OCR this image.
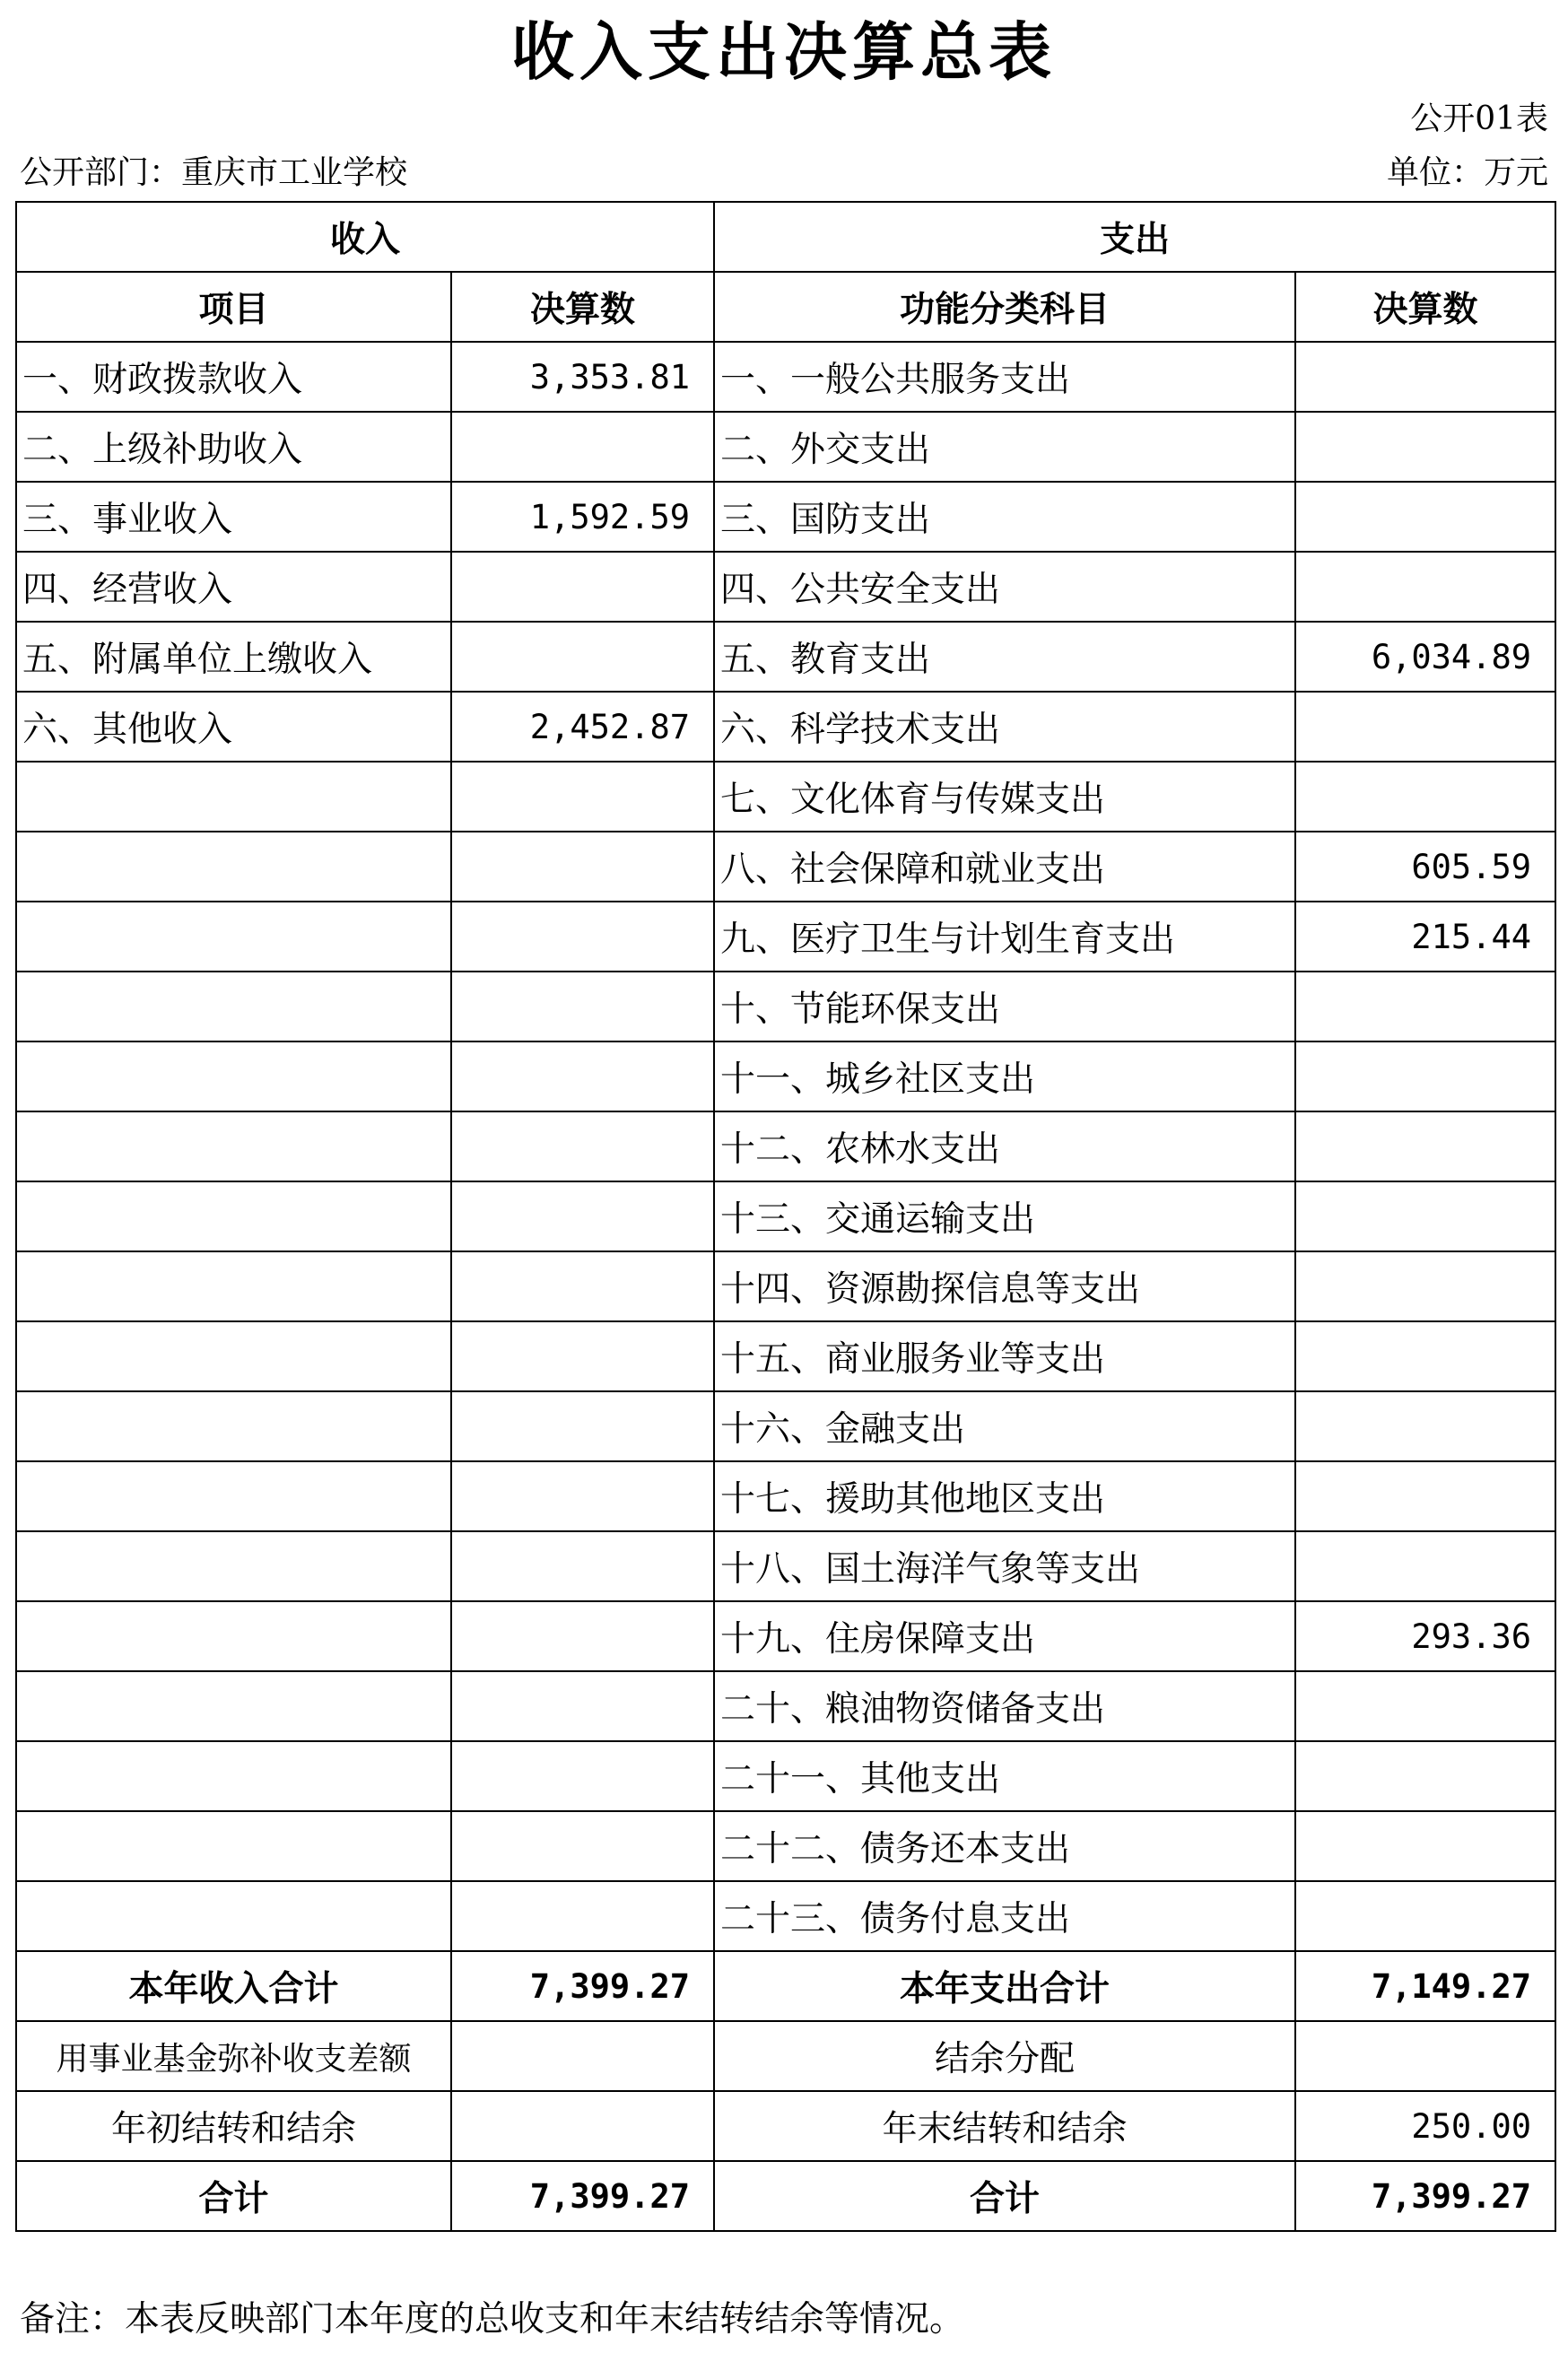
收入支出决算总表
公开01表
公开部门：重庆市工业学校	单位：万元
收入		支出	
项目	决算数	功能分类科目	决算数
一、财政拨款收入	3,353.81	一、一般公共服务支出	
二、上级补助收入		二、外交支出	
三、事业收入	1,592.59	三、国防支出	
四、经营收入		四、公共安全支出	
五、附属单位上缴收入		五、教育支出	6,034.89
六、其他收入	2,452.87	六、科学技术支出	
		七、文化体育与传媒支出	
		八、社会保障和就业支出	605.59
		九、医疗卫生与计划生育支出	215.44
		十、节能环保支出	
		十一、城乡社区支出	
		十二、农林水支出	
		十三、交通运输支出	
		十四、资源勘探信息等支出	
		十五、商业服务业等支出	
		十六、金融支出	
		十七、援助其他地区支出	
		十八、国土海洋气象等支出	
		十九、住房保障支出	293.36
		二十、粮油物资储备支出	
		二十一、其他支出	
		二十二、债务还本支出	
		二十三、债务付息支出	
本年收入合计	7,399.27	本年支出合计	7,149.27
用事业基金弥补收支差额		结余分配	
年初结转和结余		年末结转和结余	250.00
合计	7,399.27	合计	7,399.27
备注：本表反映部门本年度的总收支和年末结转结余等情况。
